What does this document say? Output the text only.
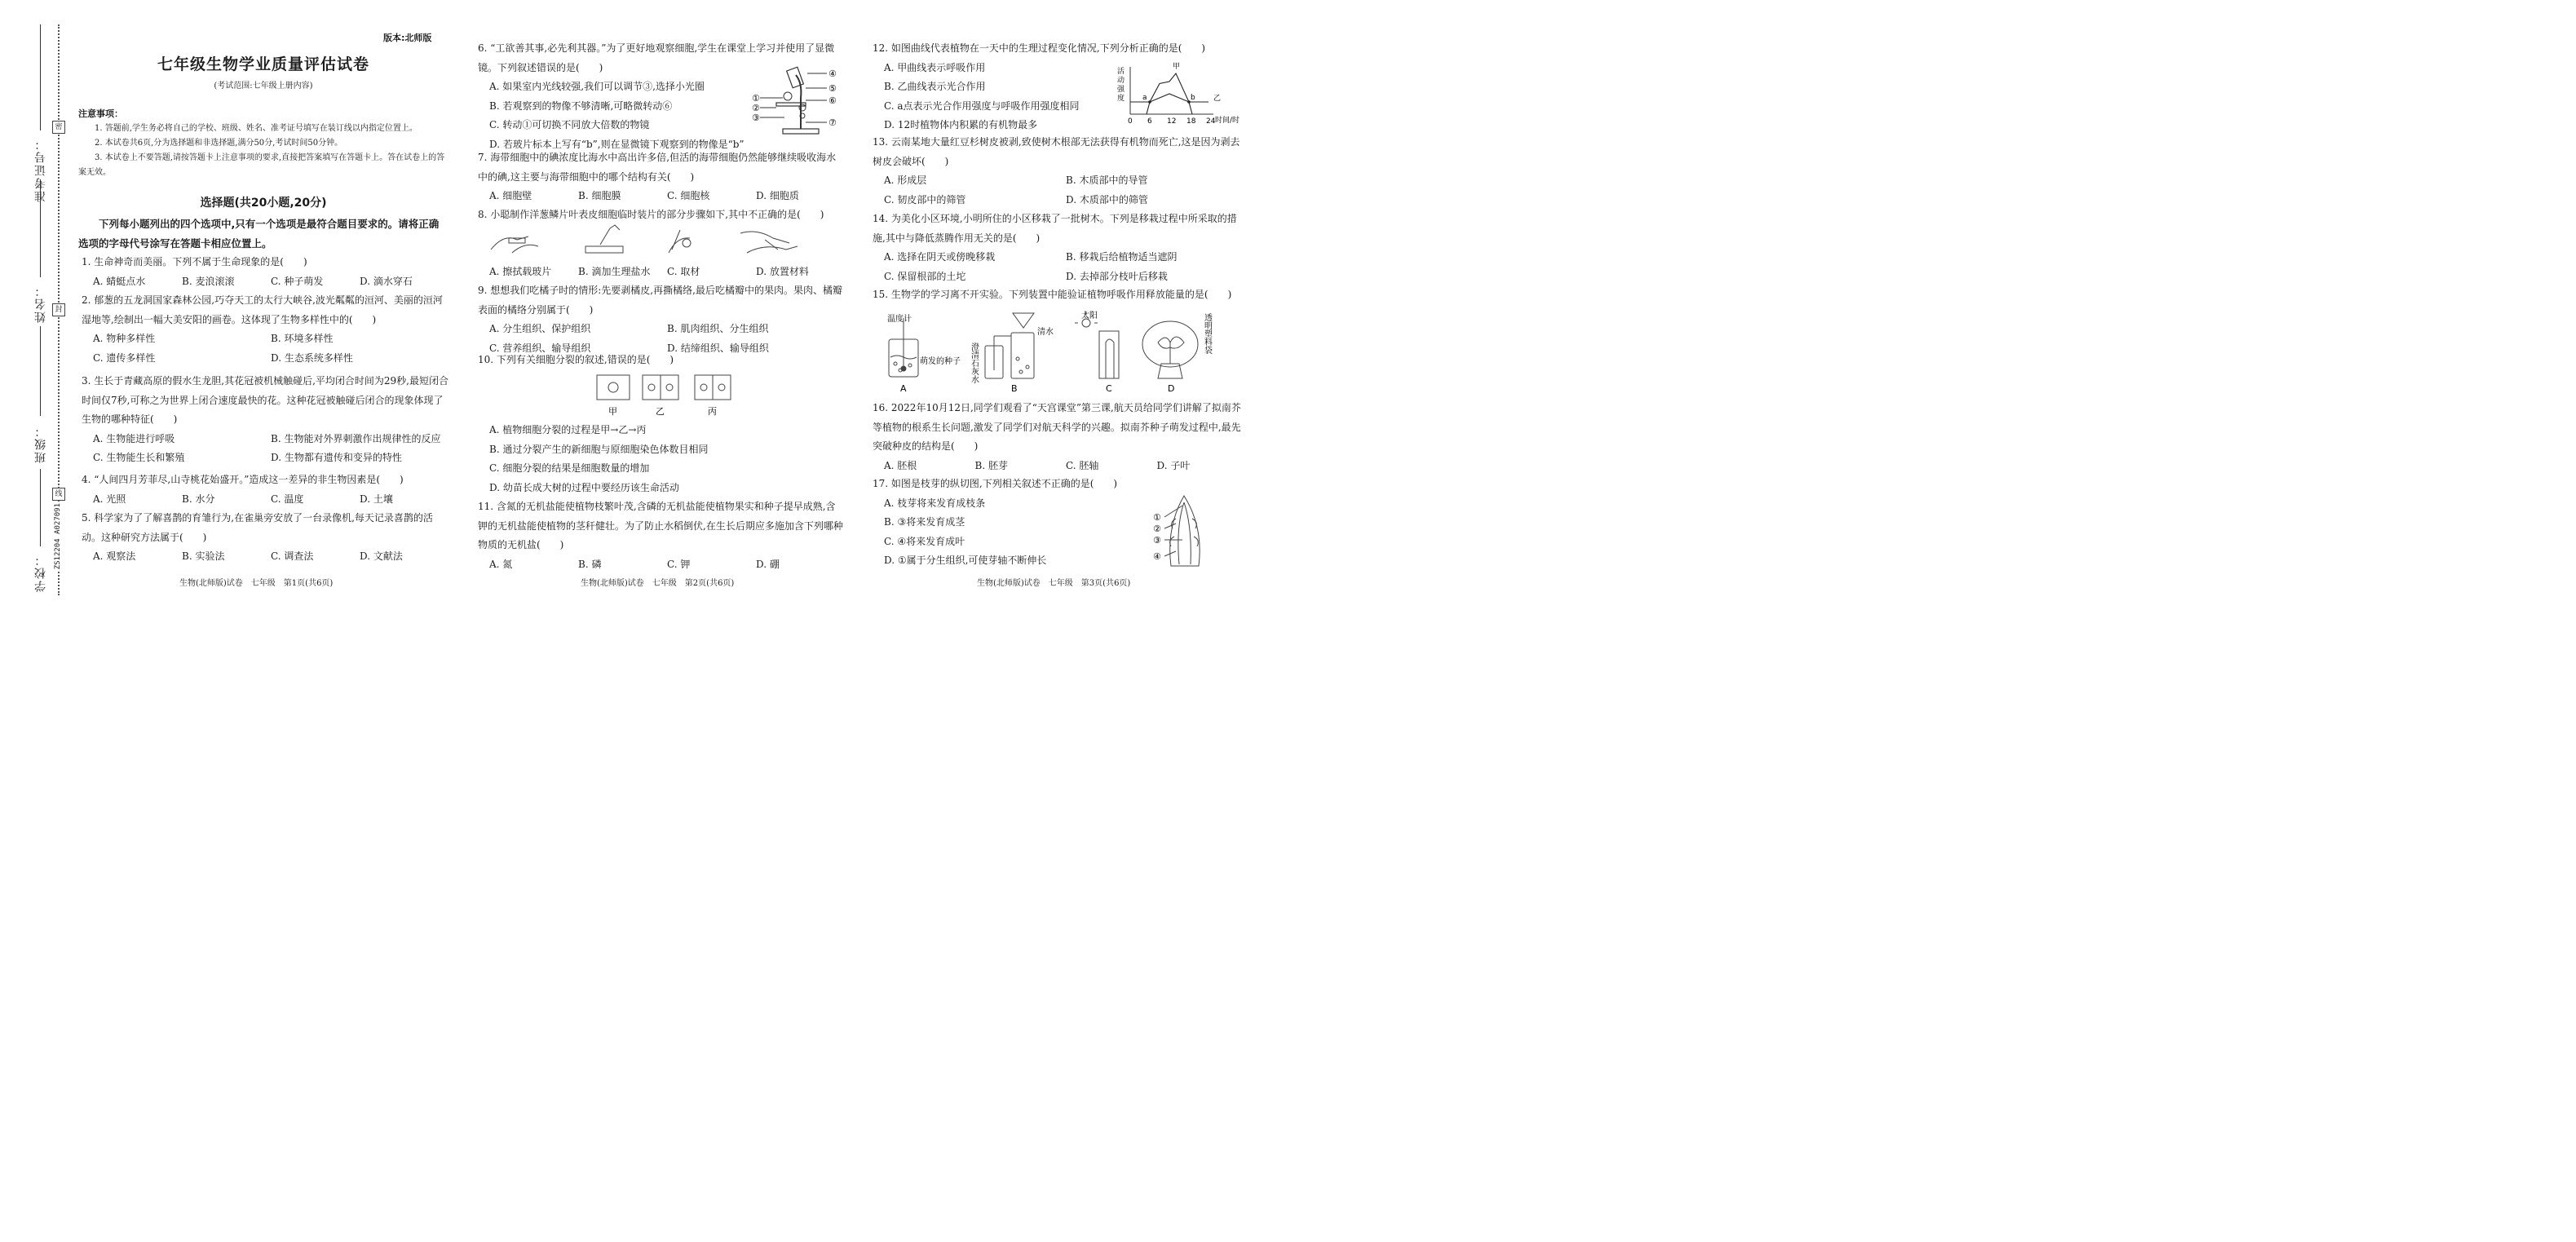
准考证号：
姓名：
班级：
学校：
密
封
线
ZS12204 A027091
版本:北师版
七年级生物学业质量评估试卷
(考试范围:七年级上册内容)
注意事项：

1. 答题前,学生务必将自己的学校、班级、姓名、准考证号填写在装订线以内指定位置上。

2. 本试卷共6页,分为选择题和非选择题,满分50分,考试时间50分钟。

3. 本试卷上不要答题,请按答题卡上注意事项的要求,直接把答案填写在答题卡上。答在试卷上的答案无效。

选择题(共20小题,20分)
下列每小题列出的四个选项中,只有一个选项是最符合题目要求的。请将正确选项的字母代号涂写在答题卡相应位置上。

1. 生命神奇而美丽。下列不属于生命现象的是(　　)

A. 蜻蜓点水	B. 麦浪滚滚	C. 种子萌发	D. 滴水穿石

2. 郁葱的五龙洞国家森林公园,巧夺天工的太行大峡谷,波光粼粼的洹河、美丽的洹河湿地等,绘制出一幅大美安阳的画卷。这体现了生物多样性中的(　　)

A. 物种多样性	B. 环境多样性
C. 遗传多样性	D. 生态系统多样性

3. 生长于青藏高原的假水生龙胆,其花冠被机械触碰后,平均闭合时间为29秒,最短闭合时间仅7秒,可称之为世界上闭合速度最快的花。这种花冠被触碰后闭合的现象体现了生物的哪种特征(　　)

A. 生物能进行呼吸	B. 生物能对外界刺激作出规律性的反应
C. 生物能生长和繁殖	D. 生物都有遗传和变异的特性

4. “人间四月芳菲尽,山寺桃花始盛开。”造成这一差异的非生物因素是(　　)

A. 光照	B. 水分	C. 温度	D. 土壤

5. 科学家为了了解喜鹊的育雏行为,在雀巢旁安放了一台录像机,每天记录喜鹊的活动。这种研究方法属于(　　)

A. 观察法	B. 实验法	C. 调查法	D. 文献法
生物(北师版)试卷　七年级　第1页(共6页)

6. “工欲善其事,必先利其器。”为了更好地观察细胞,学生在课堂上学习并使用了显微镜。下列叙述错误的是(　　)

A. 如果室内光线较强,我们可以调节③,选择小光圈
B. 若观察到的物像不够清晰,可略微转动⑥
C. 转动①可切换不同放大倍数的物镜
D. 若玻片标本上写有“b”,则在显微镜下观察到的物像是“b”
①
②
③
④
⑤
⑥
⑦

7. 海带细胞中的碘浓度比海水中高出许多倍,但活的海带细胞仍然能够继续吸收海水中的碘,这主要与海带细胞中的哪个结构有关(　　)

A. 细胞壁	B. 细胞膜	C. 细胞核	D. 细胞质

8. 小聪制作洋葱鳞片叶表皮细胞临时装片的部分步骤如下,其中不正确的是(　　)

A. 擦拭载玻片	B. 滴加生理盐水	C. 取材	D. 放置材料

9. 想想我们吃橘子时的情形:先要剥橘皮,再撕橘络,最后吃橘瓣中的果肉。果肉、橘瓣表面的橘络分别属于(　　)

A. 分生组织、保护组织	B. 肌肉组织、分生组织
C. 营养组织、输导组织	D. 结缔组织、输导组织

10. 下列有关细胞分裂的叙述,错误的是(　　)

甲	乙	丙
A. 植物细胞分裂的过程是甲→乙→丙
B. 通过分裂产生的新细胞与原细胞染色体数目相同
C. 细胞分裂的结果是细胞数量的增加
D. 幼苗长成大树的过程中要经历该生命活动

11. 含氮的无机盐能使植物枝繁叶茂,含磷的无机盐能使植物果实和种子提早成熟,含钾的无机盐能使植物的茎秆健壮。为了防止水稻倒伏,在生长后期应多施加含下列哪种物质的无机盐(　　)

A. 氮	B. 磷	C. 钾	D. 硼
生物(北师版)试卷　七年级　第2页(共6页)

12. 如图曲线代表植物在一天中的生理过程变化情况,下列分析正确的是(　　)

A. 甲曲线表示呼吸作用
B. 乙曲线表示光合作用
C. a点表示光合作用强度与呼吸作用强度相同
D. 12时植物体内积累的有机物最多
活动强度
甲
乙
a	b
0 6 12 18 24 时间/时

13. 云南某地大量红豆杉树皮被剥,致使树木根部无法获得有机物而死亡,这是因为剥去树皮会破坏(　　)

A. 形成层	B. 木质部中的导管
C. 韧皮部中的筛管	D. 木质部中的筛管

14. 为美化小区环境,小明所住的小区移栽了一批树木。下列是移栽过程中所采取的措施,其中与降低蒸腾作用无关的是(　　)

A. 选择在阴天或傍晚移栽	B. 移栽后给植物适当遮阴
C. 保留根部的土坨	D. 去掉部分枝叶后移栽

15. 生物学的学习离不开实验。下列装置中能验证植物呼吸作用释放能量的是(　　)

温度计
萌发的种子 澄清石灰水
清水
太阳	透明塑料袋
A	B	C	D

16. 2022年10月12日,同学们观看了“天宫课堂”第三课,航天员给同学们讲解了拟南芥等植物的根系生长问题,激发了同学们对航天科学的兴趣。拟南芥种子萌发过程中,最先突破种皮的结构是(　　)

A. 胚根	B. 胚芽	C. 胚轴	D. 子叶

17. 如图是枝芽的纵切图,下列相关叙述不正确的是(　　)

A. 枝芽将来发育成枝条
B. ③将来发育成茎
C. ④将来发育成叶
D. ①属于分生组织,可使芽轴不断伸长
①
②
③
④
生物(北师版)试卷　七年级　第3页(共6页)
